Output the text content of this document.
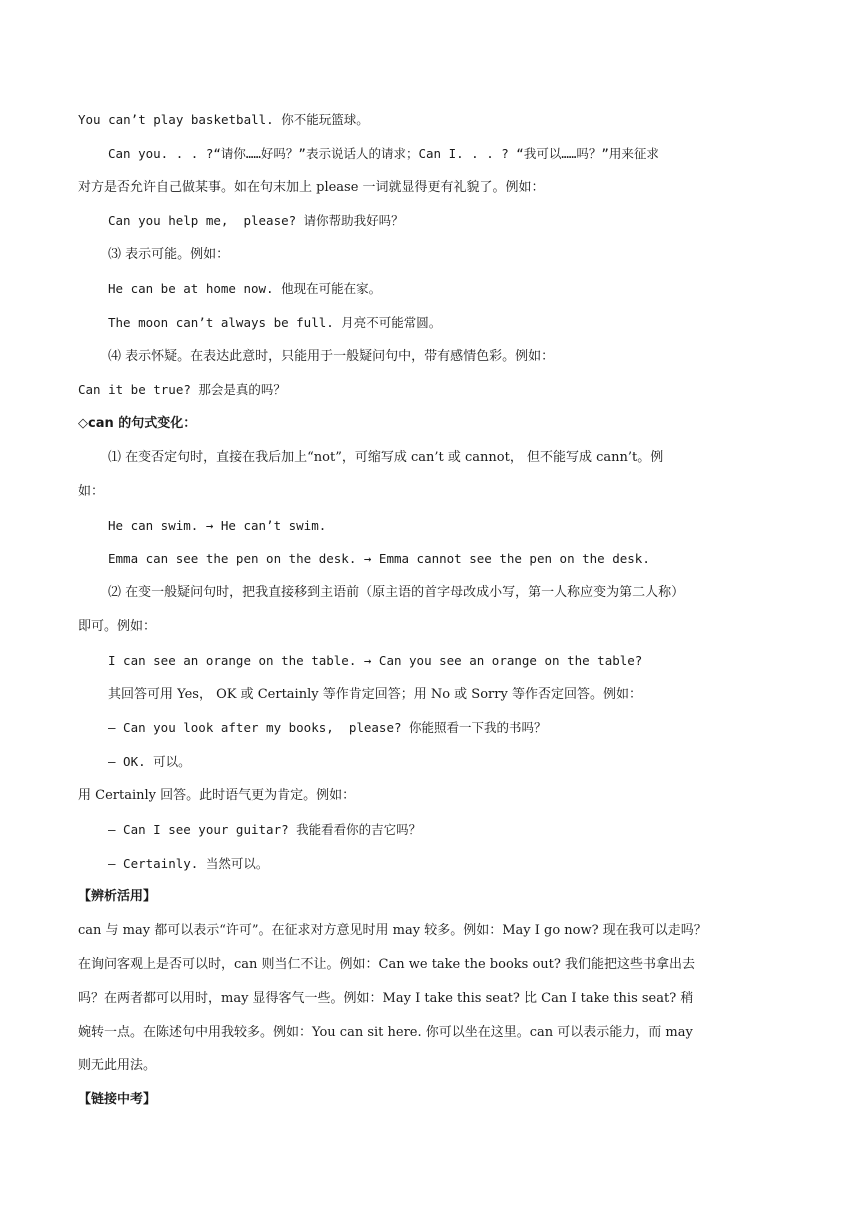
You can’t play basketball. 你不能玩篮球。
Can you. . . ?“请你……好吗？”表示说话人的请求；Can I. . . ? “我可以……吗？”用来征求
对方是否允许自己做某事。如在句末加上 please 一词就显得更有礼貌了。例如：
Can you help me,  please? 请你帮助我好吗？
⑶ 表示可能。例如：
He can be at home now. 他现在可能在家。
The moon can’t always be full. 月亮不可能常圆。
⑷ 表示怀疑。在表达此意时，只能用于一般疑问句中，带有感情色彩。例如：
Can it be true? 那会是真的吗？
◇can 的句式变化：
⑴ 在变否定句时，直接在我后加上“not”，可缩写成 can’t 或 cannot， 但不能写成 cann’t。例
如：
He can swim. → He can’t swim.
Emma can see the pen on the desk. → Emma cannot see the pen on the desk.
⑵ 在变一般疑问句时，把我直接移到主语前（原主语的首字母改成小写，第一人称应变为第二人称）
即可。例如：
I can see an orange on the table. → Can you see an orange on the table?
其回答可用 Yes， OK 或 Certainly 等作肯定回答；用 No 或 Sorry 等作否定回答。例如：
— Can you look after my books,  please? 你能照看一下我的书吗？
— OK. 可以。
用 Certainly 回答。此时语气更为肯定。例如：
— Can I see your guitar? 我能看看你的吉它吗？
— Certainly. 当然可以。
【辨析活用】
can 与 may 都可以表示“许可”。在征求对方意见时用 may 较多。例如：May I go now? 现在我可以走吗？
在询问客观上是否可以时，can 则当仁不让。例如：Can we take the books out? 我们能把这些书拿出去
吗？在两者都可以用时，may 显得客气一些。例如：May I take this seat? 比 Can I take this seat? 稍
婉转一点。在陈述句中用我较多。例如：You can sit here. 你可以坐在这里。can 可以表示能力，而 may
则无此用法。
【链接中考】
